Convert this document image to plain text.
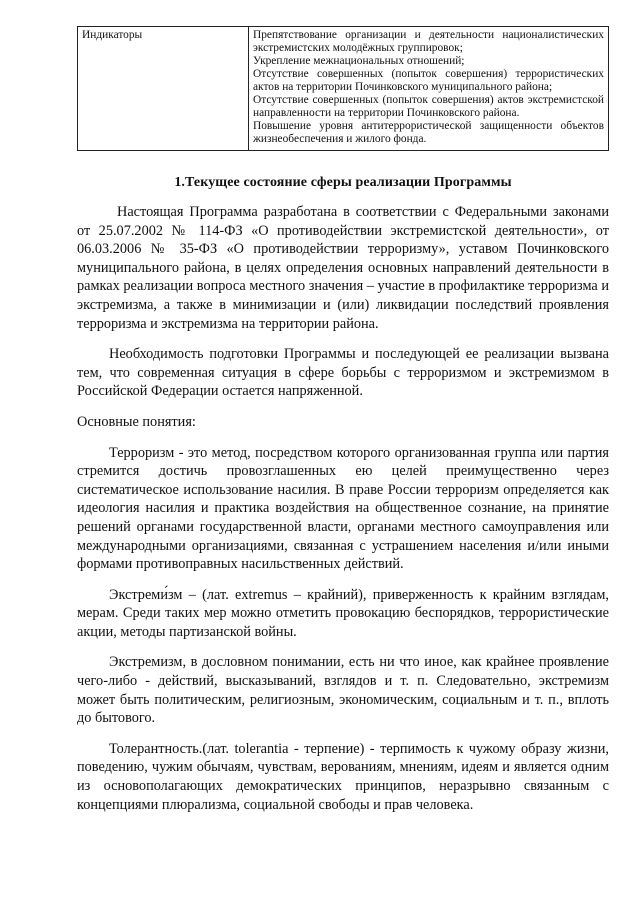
Индикаторы	Препятствование организации и деятельности националистических экстремистских молодёжных группировок;

Укрепление межнациональных отношений;

Отсутствие совершенных (попыток совершения) террористических актов на территории Починковского муниципального района;

Отсутствие совершенных (попыток совершения) актов экстремистской направленности на территории Починковского района.

Повышение уровня антитеррористической защищенности объектов жизнеобеспечения и жилого фонда.

1.Текущее состояние сферы реализации Программы

Настоящая Программа разработана в соответствии с Федеральными законами от 25.07.2002 № 114-ФЗ «О противодействии экстремистской деятельности», от 06.03.2006 № 35-ФЗ «О противодействии терроризму», уставом Починковского муниципального района, в целях определения основных направлений деятельности в рамках реализации вопроса местного значения – участие в профилактике терроризма и экстремизма, а также в минимизации и (или) ликвидации последствий проявления терроризма и экстремизма на территории района.

Необходимость подготовки Программы и последующей ее реализации вызвана тем, что современная ситуация в сфере борьбы с терроризмом и экстремизмом в Российской Федерации остается напряженной.

Основные понятия:

Терроризм - это метод, посредством которого организованная группа или партия стремится достичь провозглашенных ею целей преимущественно через систематическое использование насилия. В праве России терроризм определяется как идеология насилия и практика воздействия на общественное сознание, на принятие решений органами государственной власти, органами местного самоуправления или международными организациями, связанная с устрашением населения и/или иными формами противоправных насильственных действий.

Экстреми́зм – (лат. extremus – крайний), приверженность к крайним взглядам, мерам. Среди таких мер можно отметить провокацию беспорядков, террористические акции, методы партизанской войны.

Экстремизм, в дословном понимании, есть ни что иное, как крайнее проявление чего-либо - действий, высказываний, взглядов и т. п. Следовательно, экстремизм может быть политическим, религиозным, экономическим, социальным и т. п., вплоть до бытового.

Толерантность.(лат. tolerantia - терпение) - терпимость к чужому образу жизни, поведению, чужим обычаям, чувствам, верованиям, мнениям, идеям и является одним из основополагающих демократических принципов, неразрывно связанным с концепциями плюрализма, социальной свободы и прав человека.
